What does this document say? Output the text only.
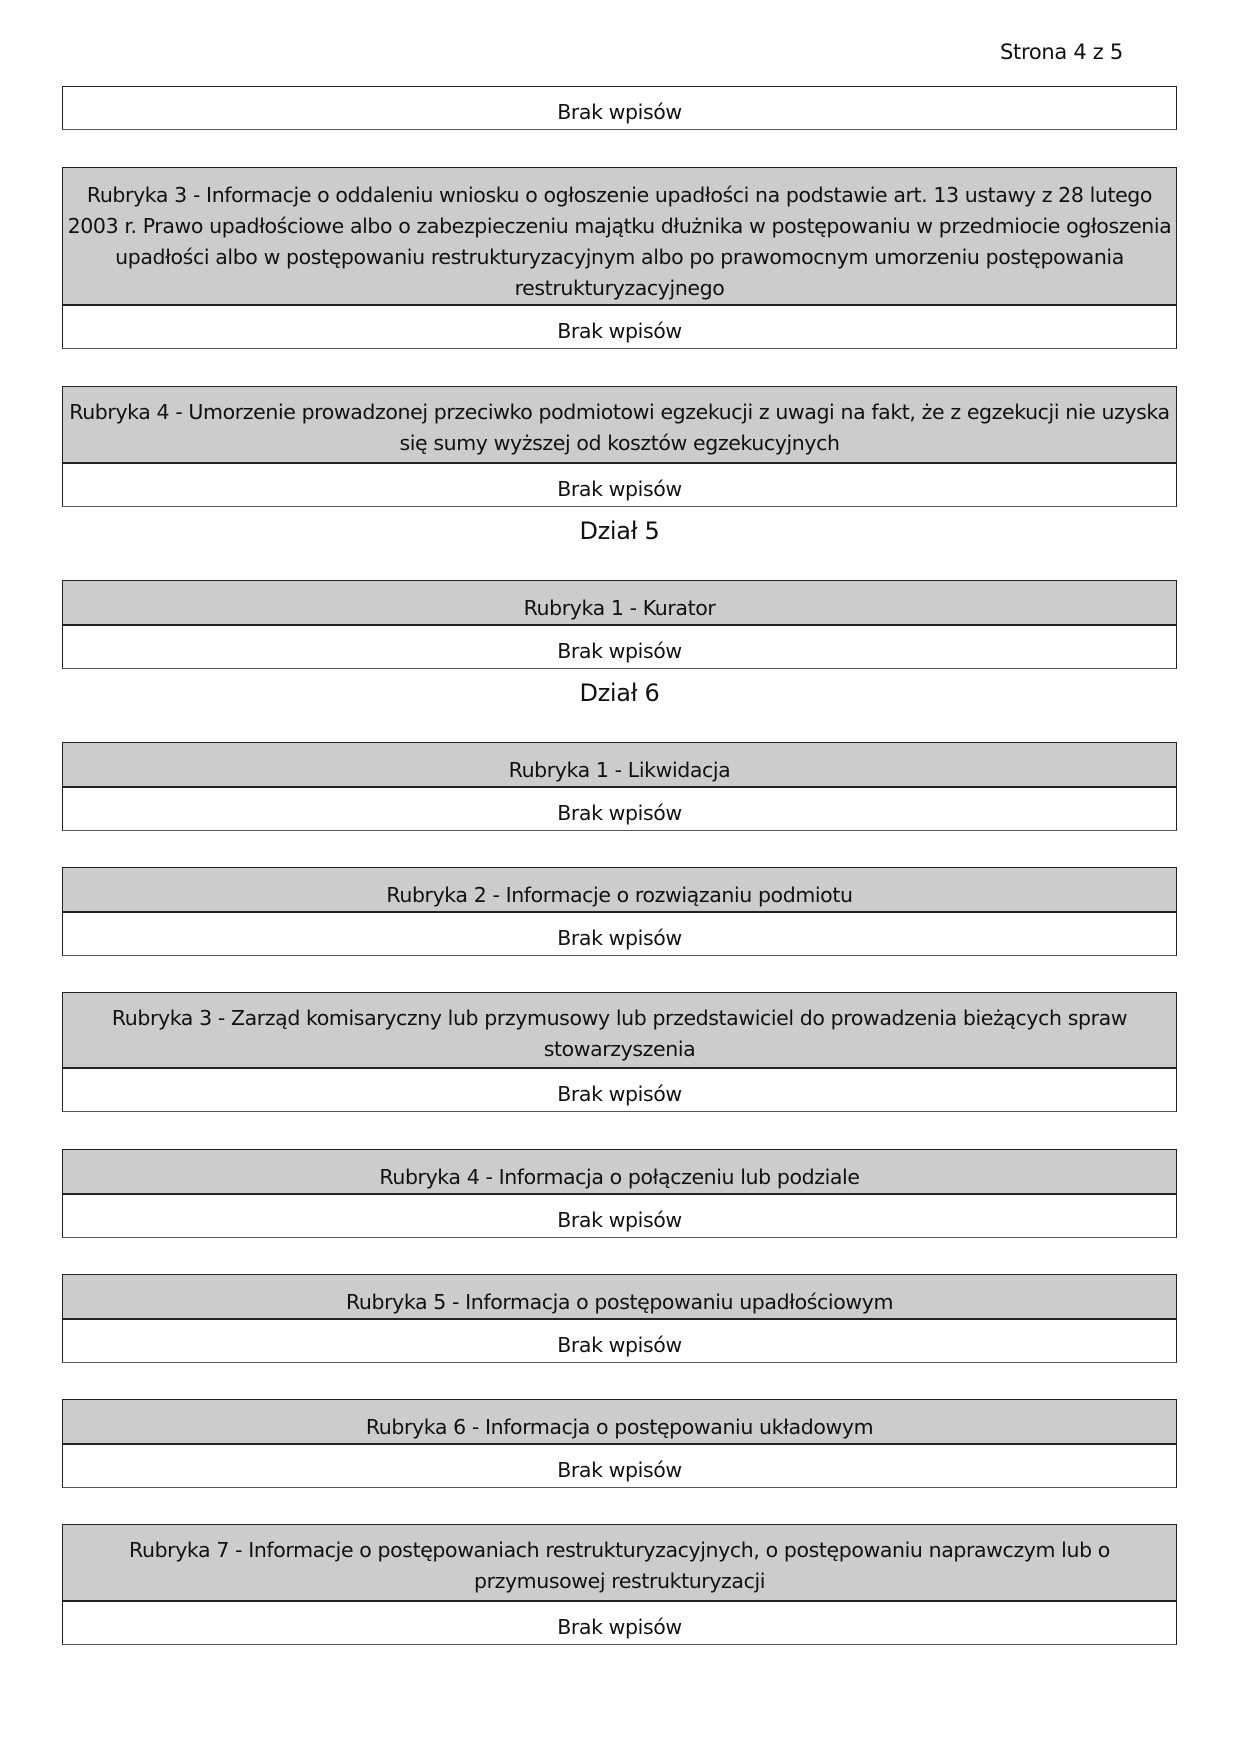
Strona 4 z 5
Brak wpisów
Rubryka 3 - Informacje o oddaleniu wniosku o ogłoszenie upadłości na podstawie art. 13 ustawy z 28 lutego 2003 r. Prawo upadłościowe albo o zabezpieczeniu majątku dłużnika w postępowaniu w przedmiocie ogłoszenia upadłości albo w postępowaniu restrukturyzacyjnym albo po prawomocnym umorzeniu postępowania restrukturyzacyjnego
Brak wpisów
Rubryka 4 - Umorzenie prowadzonej przeciwko podmiotowi egzekucji z uwagi na fakt, że z egzekucji nie uzyska się sumy wyższej od kosztów egzekucyjnych
Brak wpisów
Dział 5
Rubryka 1 - Kurator
Brak wpisów
Dział 6
Rubryka 1 - Likwidacja
Brak wpisów
Rubryka 2 - Informacje o rozwiązaniu podmiotu
Brak wpisów
Rubryka 3 - Zarząd komisaryczny lub przymusowy lub przedstawiciel do prowadzenia bieżących spraw stowarzyszenia
Brak wpisów
Rubryka 4 - Informacja o połączeniu lub podziale
Brak wpisów
Rubryka 5 - Informacja o postępowaniu upadłościowym
Brak wpisów
Rubryka 6 - Informacja o postępowaniu układowym
Brak wpisów
Rubryka 7 - Informacje o postępowaniach restrukturyzacyjnych, o postępowaniu naprawczym lub o przymusowej restrukturyzacji
Brak wpisów
